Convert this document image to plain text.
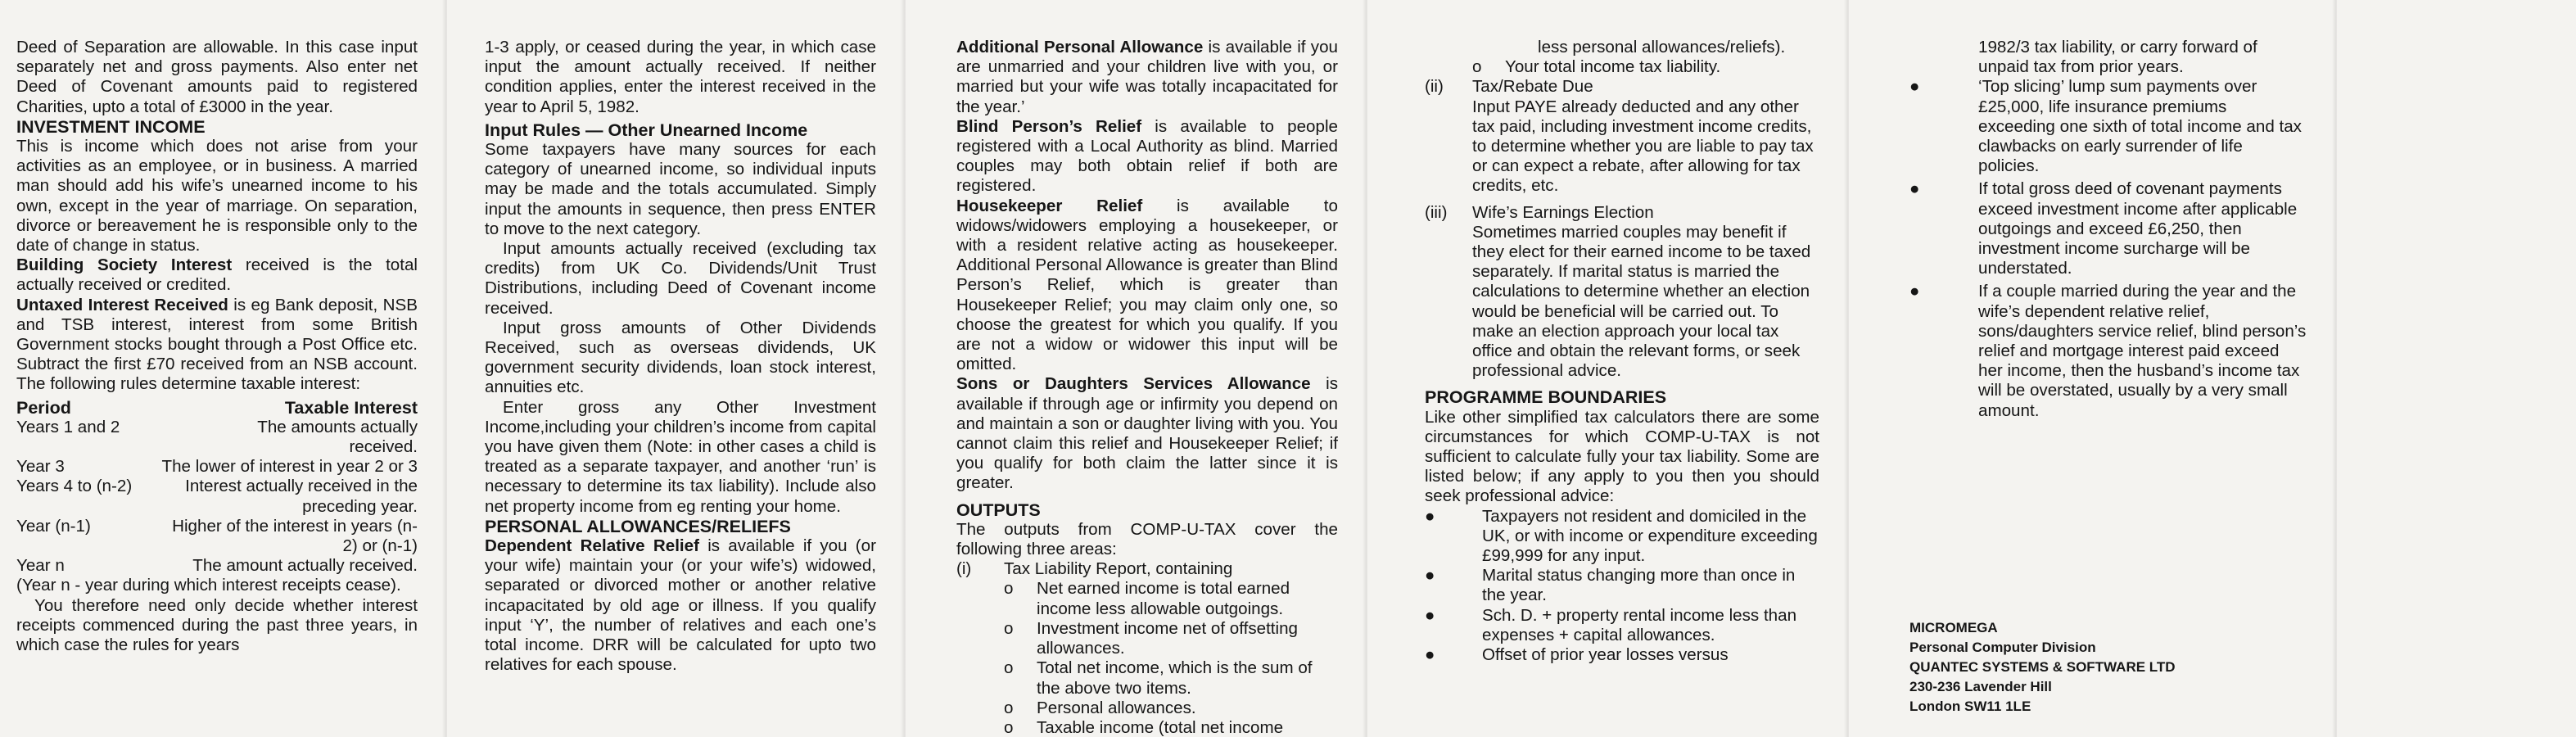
Deed of Separation are allowable. In this case input separately net and gross payments. Also enter net Deed of Covenant amounts paid to registered Charities, upto a total of £3000 in the year.

INVESTMENT INCOME

This is income which does not arise from your activities as an employee, or in business. A married man should add his wife’s unearned income to his own, except in the year of marriage. On separation, divorce or bereavement he is responsible only to the date of change in status.

Building Society Interest received is the total actually received or credited.

Untaxed Interest Received is eg Bank deposit, NSB and TSB interest, interest from some British Government stocks bought through a Post Office etc. Subtract the first £70 received from an NSB account. The following rules determine taxable interest:

Period	Taxable Interest
Years 1 and 2	The amounts actually received.
Year 3	The lower of interest in year 2 or 3
Years 4 to (n-2)	Interest actually received in the preceding year.
Year (n-1)	Higher of the interest in years (n-2) or (n-1)
Year n	The amount actually received.

(Year n - year during which interest receipts cease).

You therefore need only decide whether interest receipts commenced during the past three years, in which case the rules for years

1-3 apply, or ceased during the year, in which case input the amount actually received. If neither condition applies, enter the interest received in the year to April 5, 1982.

Input Rules — Other Unearned Income

Some taxpayers have many sources for each category of unearned income, so individual inputs may be made and the totals accumulated. Simply input the amounts in sequence, then press ENTER to move to the next category.

Input amounts actually received (excluding tax credits) from UK Co. Dividends/Unit Trust Distributions, including Deed of Covenant income received.

Input gross amounts of Other Dividends Received, such as overseas dividends, UK government security dividends, loan stock interest, annuities etc.

Enter gross any Other Investment Income,including your children’s income from capital you have given them (Note: in other cases a child is treated as a separate taxpayer, and another ‘run’ is necessary to determine its tax liability). Include also net property income from eg renting your home.

PERSONAL ALLOWANCES/RELIEFS

Dependent Relative Relief is available if you (or your wife) maintain your (or your wife’s) widowed, separated or divorced mother or another relative incapacitated by old age or illness. If you qualify input ‘Y’, the number of relatives and each one’s total income. DRR will be calculated for upto two relatives for each spouse.

Additional Personal Allowance is available if you are unmarried and your children live with you, or married but your wife was totally incapacitated for the year.’

Blind Person’s Relief is available to people registered with a Local Authority as blind. Married couples may both obtain relief if both are registered.

Housekeeper Relief is available to widows/widowers employing a housekeeper, or with a resident relative acting as housekeeper. Additional Personal Allowance is greater than Blind Person’s Relief, which is greater than Housekeeper Relief; you may claim only one, so choose the greatest for which you qualify. If you are not a widow or widower this input will be omitted.

Sons or Daughters Services Allowance is available if through age or infirmity you depend on and maintain a son or daughter living with you. You cannot claim this relief and Housekeeper Relief; if you qualify for both claim the latter since it is greater.

OUTPUTS

The outputs from COMP-U-TAX cover the following three areas:

(i)	Tax Liability Report, containing
o	Net earned income is total earned income less allowable outgoings.
o	Investment income net of offsetting allowances.
o	Total net income, which is the sum of the above two items.
o	Personal allowances.
o	Taxable income (total net income
less personal allowances/reliefs).
o	Your total income tax liability.
(ii)	Tax/Rebate Due

Input PAYE already deducted and any other tax paid, including investment income credits, to determine whether you are liable to pay tax or can expect a rebate, after allowing for tax credits, etc.

(iii)	Wife’s Earnings Election

Sometimes married couples may benefit if they elect for their earned income to be taxed separately. If marital status is married the calculations to determine whether an election would be beneficial will be carried out. To make an election approach your local tax office and obtain the relevant forms, or seek professional advice.

PROGRAMME BOUNDARIES

Like other simplified tax calculators there are some circumstances for which COMP-U-TAX is not sufficient to calculate fully your tax liability. Some are listed below; if any apply to you then you should seek professional advice:

●	Taxpayers not resident and domiciled in the UK, or with income or expenditure exceeding £99,999 for any input.
●	Marital status changing more than once in the year.
●	Sch. D. + property rental income less than expenses + capital allowances.
●	Offset of prior year losses versus
1982/3 tax liability, or carry forward of unpaid tax from prior years.
●	‘Top slicing’ lump sum payments over £25,000, life insurance premiums exceeding one sixth of total income and tax clawbacks on early surrender of life policies.
●	If total gross deed of covenant payments exceed investment income after applicable outgoings and exceed £6,250, then investment income surcharge will be understated.
●	If a couple married during the year and the wife’s dependent relative relief, sons/daughters service relief, blind person’s relief and mortgage interest paid exceed her income, then the husband’s income tax will be overstated, usually by a very small amount.
MICROMEGA
Personal Computer Division
QUANTEC SYSTEMS & SOFTWARE LTD
230-236 Lavender Hill
London SW11 1LE
